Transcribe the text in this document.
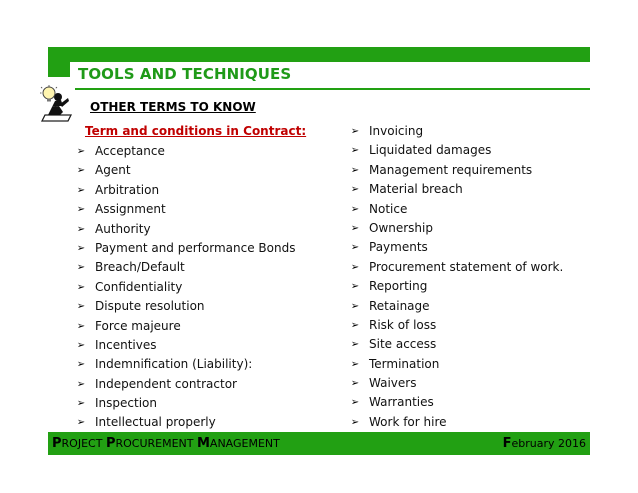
TOOLS AND TECHNIQUES
OTHER TERMS TO KNOW
Term and conditions in Contract:
➢ Acceptance
➢ Agent
➢ Arbitration
➢ Assignment
➢ Authority
➢ Payment and performance Bonds
➢ Breach/Default
➢ Confidentiality
➢ Dispute resolution
➢ Force majeure
➢ Incentives
➢ Indemnification (Liability):
➢ Independent contractor
➢ Inspection
➢ Intellectual properly
➢ Invoicing
➢ Liquidated damages
➢ Management requirements
➢ Material breach
➢ Notice
➢ Ownership
➢ Payments
➢ Procurement statement of work.
➢ Reporting
➢ Retainage
➢ Risk of loss
➢ Site access
➢ Termination
➢ Waivers
➢ Warranties
➢ Work for hire
PROJECT PROCUREMENT MANAGEMENT	February 2016
